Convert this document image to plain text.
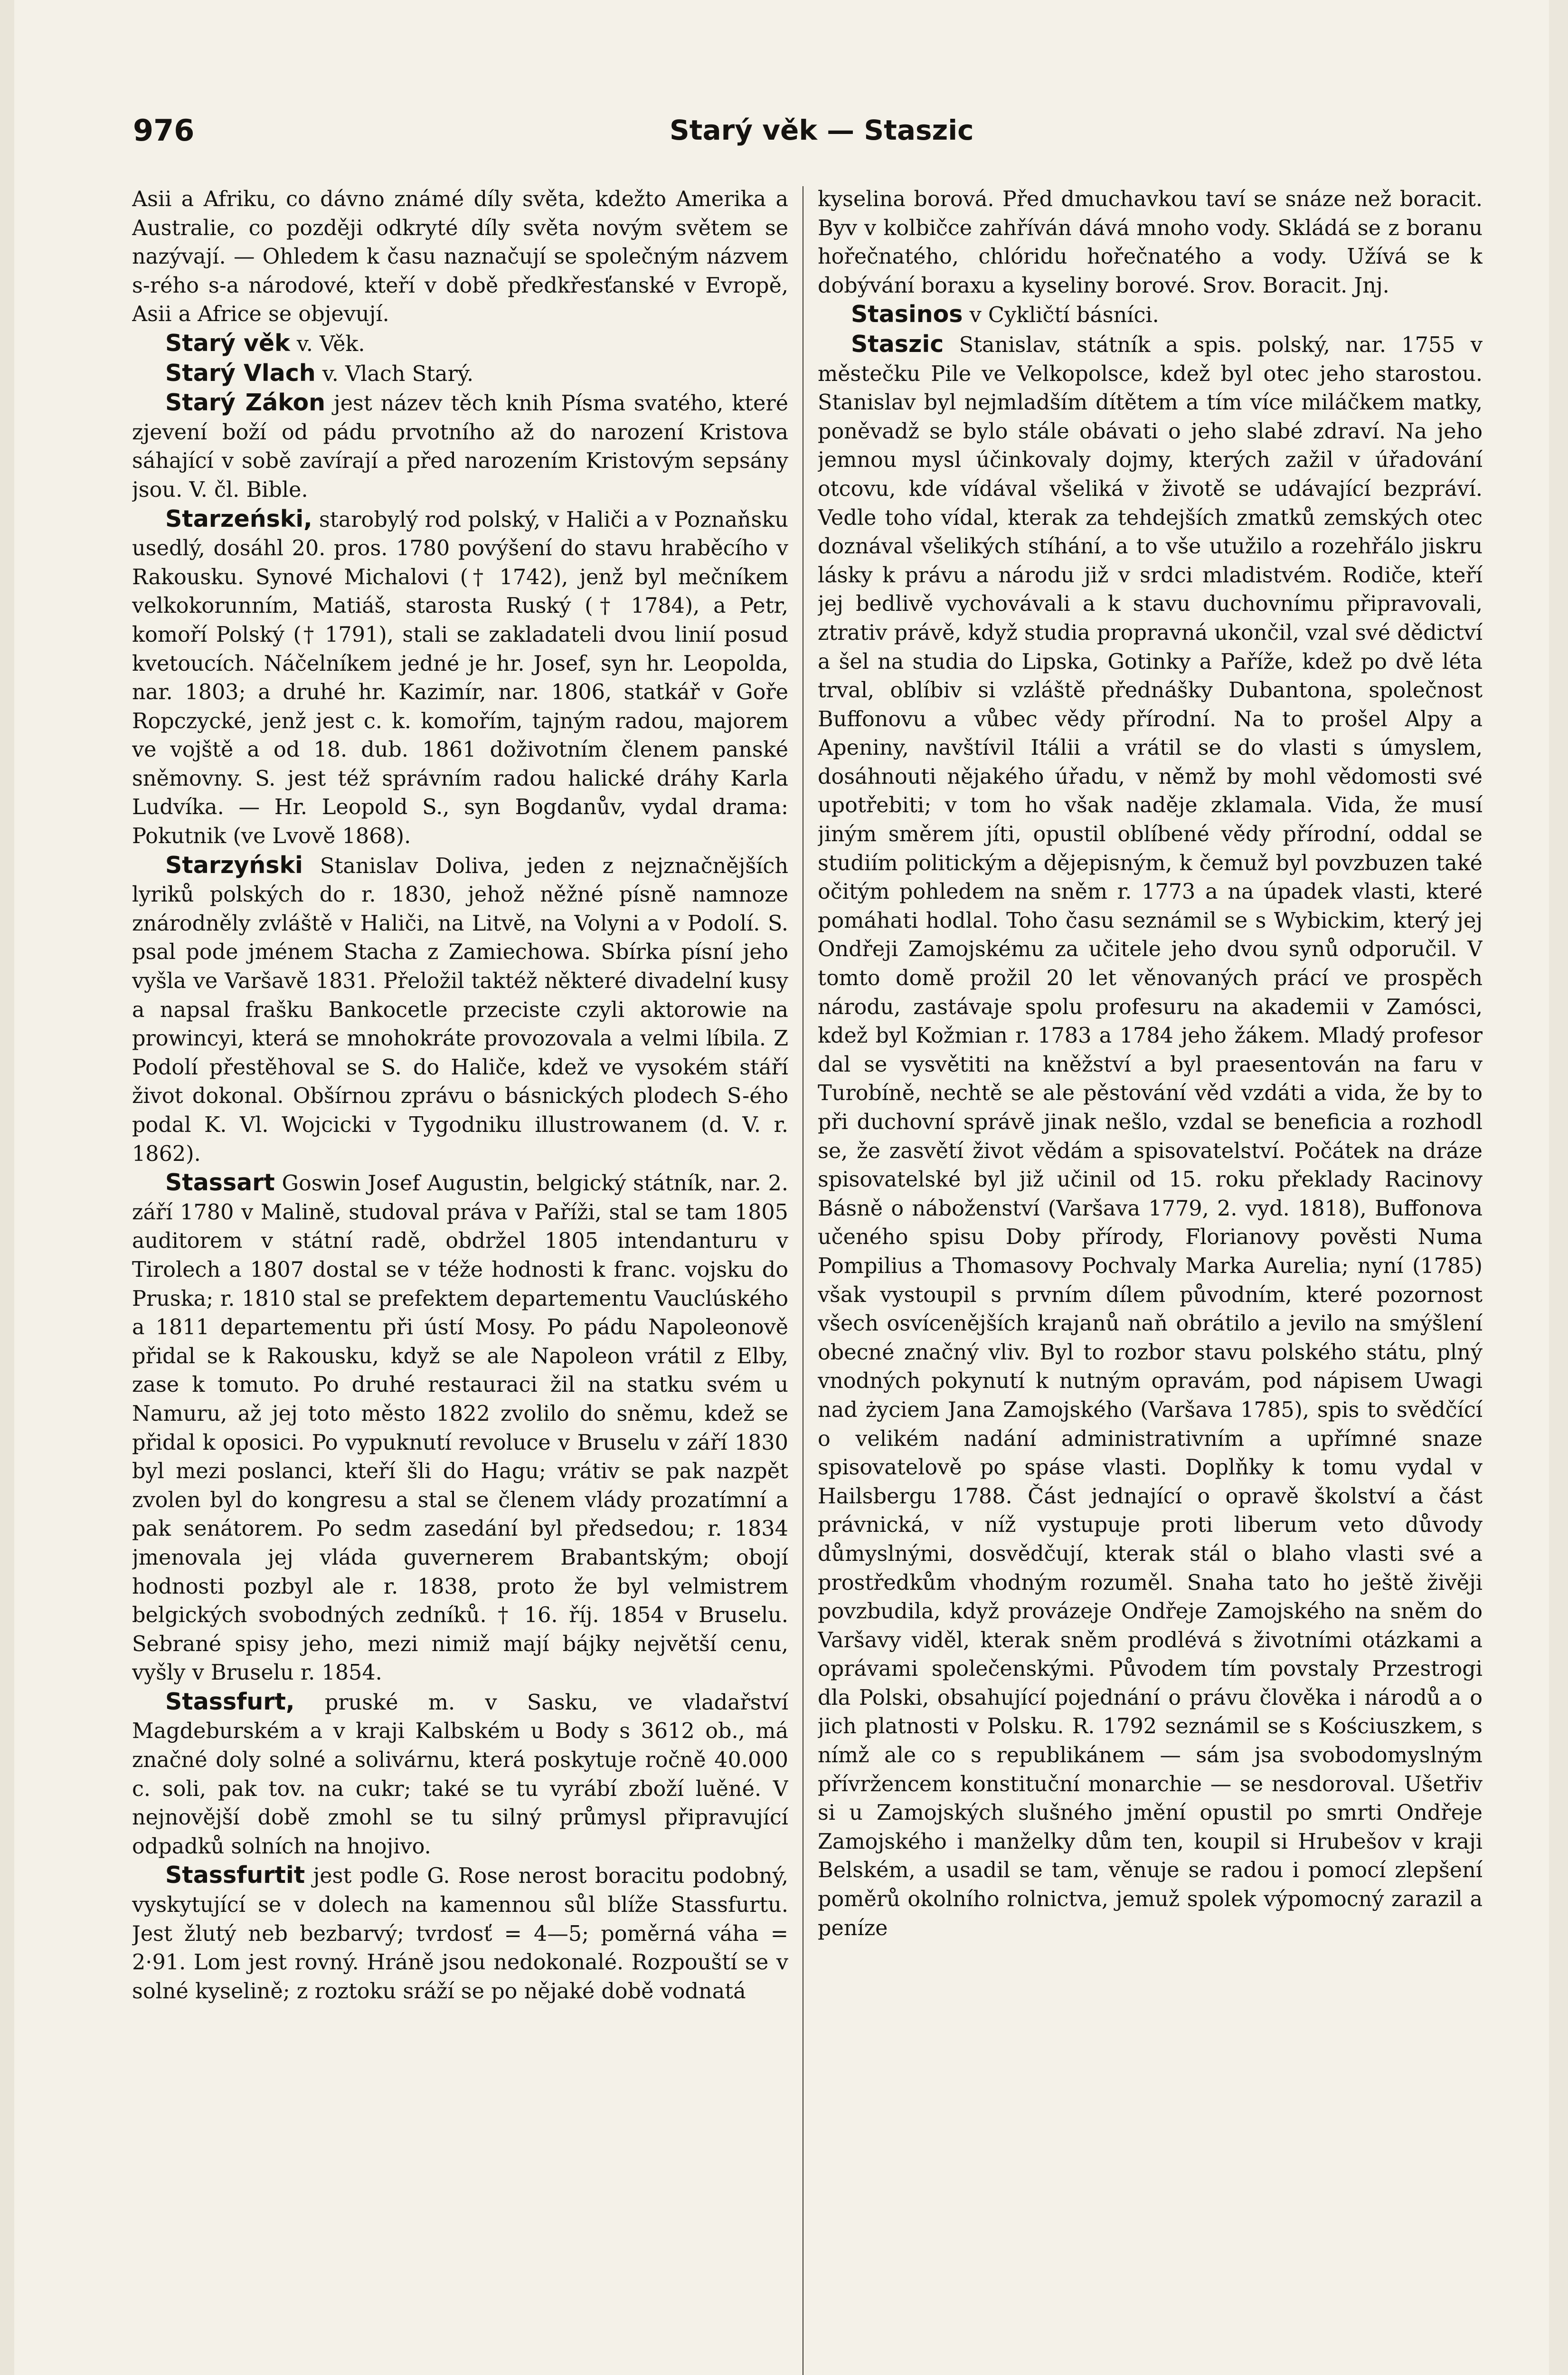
976	Starý věk — Staszic

Asii a Afriku, co dávno známé díly světa, kdežto Amerika a Australie, co později odkryté díly světa novým světem se nazývají. — Ohledem k času naznačují se společným názvem s-rého s-a národové, kteří v době předkřesťanské v Evropě, Asii a Africe se objevují.

Starý věk v. Věk.

Starý Vlach v. Vlach Starý.

Starý Zákon jest název těch knih Písma svatého, které zjevení boží od pádu prvotního až do narození Kristova sáhající v sobě zavírají a před narozením Kristovým sepsány jsou. V. čl. Bible.

Starzeński, starobylý rod polský, v Haliči a v Poznaňsku usedlý, dosáhl 20. pros. 1780 povýšení do stavu hraběcího v Rakousku. Synové Michalovi († 1742), jenž byl mečníkem velkokorunním, Matiáš, starosta Ruský († 1784), a Petr, komoří Polský († 1791), stali se zakladateli dvou linií posud kvetoucích. Náčelníkem jedné je hr. Josef, syn hr. Leopolda, nar. 1803; a druhé hr. Kazimír, nar. 1806, statkář v Goře Ropczycké, jenž jest c. k. komořím, tajným radou, majorem ve vojště a od 18. dub. 1861 doživotním členem panské sněmovny. S. jest též správním radou halické dráhy Karla Ludvíka. — Hr. Leopold S., syn Bogdanův, vydal drama: Pokutnik (ve Lvově 1868).

Starzyński Stanislav Doliva, jeden z nejznačnějších lyriků polských do r. 1830, jehož něžné písně namnoze znárodněly zvláště v Haliči, na Litvě, na Volyni a v Podolí. S. psal pode jménem Stacha z Zamiechowa. Sbírka písní jeho vyšla ve Varšavě 1831. Přeložil taktéž některé divadelní kusy a napsal frašku Bankocetle przeciste czyli aktorowie na prowincyi, která se mnohokráte provozovala a velmi líbila. Z Podolí přestěhoval se S. do Haliče, kdež ve vysokém stáří život dokonal. Obšírnou zprávu o básnických plodech S-ého podal K. Vl. Wojcicki v Tygodniku illustrowanem (d. V. r. 1862).

Stassart Goswin Josef Augustin, belgický státník, nar. 2. září 1780 v Malině, studoval práva v Paříži, stal se tam 1805 auditorem v státní radě, obdržel 1805 intendanturu v Tirolech a 1807 dostal se v téže hodnosti k franc. vojsku do Pruska; r. 1810 stal se prefektem departementu Vauclúského a 1811 departementu při ústí Mosy. Po pádu Napoleonově přidal se k Rakousku, když se ale Napoleon vrátil z Elby, zase k tomuto. Po druhé restauraci žil na statku svém u Namuru, až jej toto město 1822 zvolilo do sněmu, kdež se přidal k oposici. Po vypuknutí revoluce v Bruselu v září 1830 byl mezi poslanci, kteří šli do Hagu; vrátiv se pak nazpět zvolen byl do kongresu a stal se členem vlády prozatímní a pak senátorem. Po sedm zasedání byl předsedou; r. 1834 jmenovala jej vláda guvernerem Brabantským; obojí hodnosti pozbyl ale r. 1838, proto že byl velmistrem belgických svobodných zedníků. † 16. říj. 1854 v Bruselu. Sebrané spisy jeho, mezi nimiž mají bájky největší cenu, vyšly v Bruselu r. 1854.

Stassfurt, pruské m. v Sasku, ve vladařství Magdeburském a v kraji Kalbském u Body s 3612 ob., má značné doly solné a solivárnu, která poskytuje ročně 40.000 c. soli, pak tov. na cukr; také se tu vyrábí zboží luěné. V nejnovější době zmohl se tu silný průmysl připravující odpadků solních na hnojivo.

Stassfurtit jest podle G. Rose nerost boracitu podobný, vyskytující se v dolech na kamennou sůl blíže Stassfurtu. Jest žlutý neb bezbarvý; tvrdosť = 4—5; poměrná váha = 2·91. Lom jest rovný. Hráně jsou nedokonalé. Rozpouští se v solné kyselině; z roztoku sráží se po nějaké době vodnatá

kyselina borová. Před dmuchavkou taví se snáze než boracit. Byv v kolbičce zahříván dává mnoho vody. Skládá se z boranu hořečnatého, chlóridu hořečnatého a vody. Užívá se k dobývání boraxu a kyseliny borové. Srov. Boracit. Jnj.

Stasinos v Cykličtí básníci.

Staszic Stanislav, státník a spis. polský, nar. 1755 v městečku Pile ve Velkopolsce, kdež byl otec jeho starostou. Stanislav byl nejmladším dítětem a tím více miláčkem matky, poněvadž se bylo stále obávati o jeho slabé zdraví. Na jeho jemnou mysl účinkovaly dojmy, kterých zažil v úřadování otcovu, kde vídával všeliká v životě se udávající bezpráví. Vedle toho vídal, kterak za tehdejších zmatků zemských otec doznával všelikých stíhání, a to vše utužilo a rozehřálo jiskru lásky k právu a národu již v srdci mladistvém. Rodiče, kteří jej bedlivě vychovávali a k stavu duchovnímu připravovali, ztrativ právě, když studia propravná ukončil, vzal své dědictví a šel na studia do Lipska, Gotinky a Paříže, kdež po dvě léta trval, oblíbiv si vzláště přednášky Dubantona, společnost Buffonovu a vůbec vědy přírodní. Na to prošel Alpy a Apeniny, navštívil Itálii a vrátil se do vlasti s úmyslem, dosáhnouti nějakého úřadu, v němž by mohl vědomosti své upotřebiti; v tom ho však naděje zklamala. Vida, že musí jiným směrem jíti, opustil oblíbené vědy přírodní, oddal se studiím politickým a dějepisným, k čemuž byl povzbuzen také očitým pohledem na sněm r. 1773 a na úpadek vlasti, které pomáhati hodlal. Toho času seznámil se s Wybickim, který jej Ondřeji Zamojskému za učitele jeho dvou synů odporučil. V tomto domě prožil 20 let věnovaných prácí ve prospěch národu, zastávaje spolu profesuru na akademii v Zamósci, kdež byl Kožmian r. 1783 a 1784 jeho žákem. Mladý profesor dal se vysvětiti na kněžství a byl praesentován na faru v Turobíně, nechtě se ale pěstování věd vzdáti a vida, že by to při duchovní správě jinak nešlo, vzdal se beneficia a rozhodl se, že zasvětí život vědám a spisovatelství. Počátek na dráze spisovatelské byl již učinil od 15. roku překlady Racinovy Básně o náboženství (Varšava 1779, 2. vyd. 1818), Buffonova učeného spisu Doby přírody, Florianovy pověsti Numa Pompilius a Thomasovy Pochvaly Marka Aurelia; nyní (1785) však vystoupil s prvním dílem původním, které pozornost všech osvícenějších krajanů naň obrátilo a jevilo na smýšlení obecné značný vliv. Byl to rozbor stavu polského státu, plný vnodných pokynutí k nutným opravám, pod nápisem Uwagi nad życiem Jana Zamojského (Varšava 1785), spis to svědčící o velikém nadání administrativním a upřímné snaze spisovatelově po spáse vlasti. Doplňky k tomu vydal v Hailsbergu 1788. Část jednající o opravě školství a část právnická, v níž vystupuje proti liberum veto důvody důmyslnými, dosvědčují, kterak stál o blaho vlasti své a prostředkům vhodným rozuměl. Snaha tato ho ještě živěji povzbudila, když provázeje Ondřeje Zamojského na sněm do Varšavy viděl, kterak sněm prodlévá s životními otázkami a oprávami společenskými. Původem tím povstaly Przestrogi dla Polski, obsahující pojednání o právu člověka i národů a o jich platnosti v Polsku. R. 1792 seznámil se s Kościuszkem, s nímž ale co s republikánem — sám jsa svobodomyslným přívržencem konstituční monarchie — se nesdoroval. Ušetřiv si u Zamojských slušného jmění opustil po smrti Ondřeje Zamojského i manželky dům ten, koupil si Hrubešov v kraji Belském, a usadil se tam, věnuje se radou i pomocí zlepšení poměrů okolního rolnictva, jemuž spolek výpomocný zarazil a peníze
